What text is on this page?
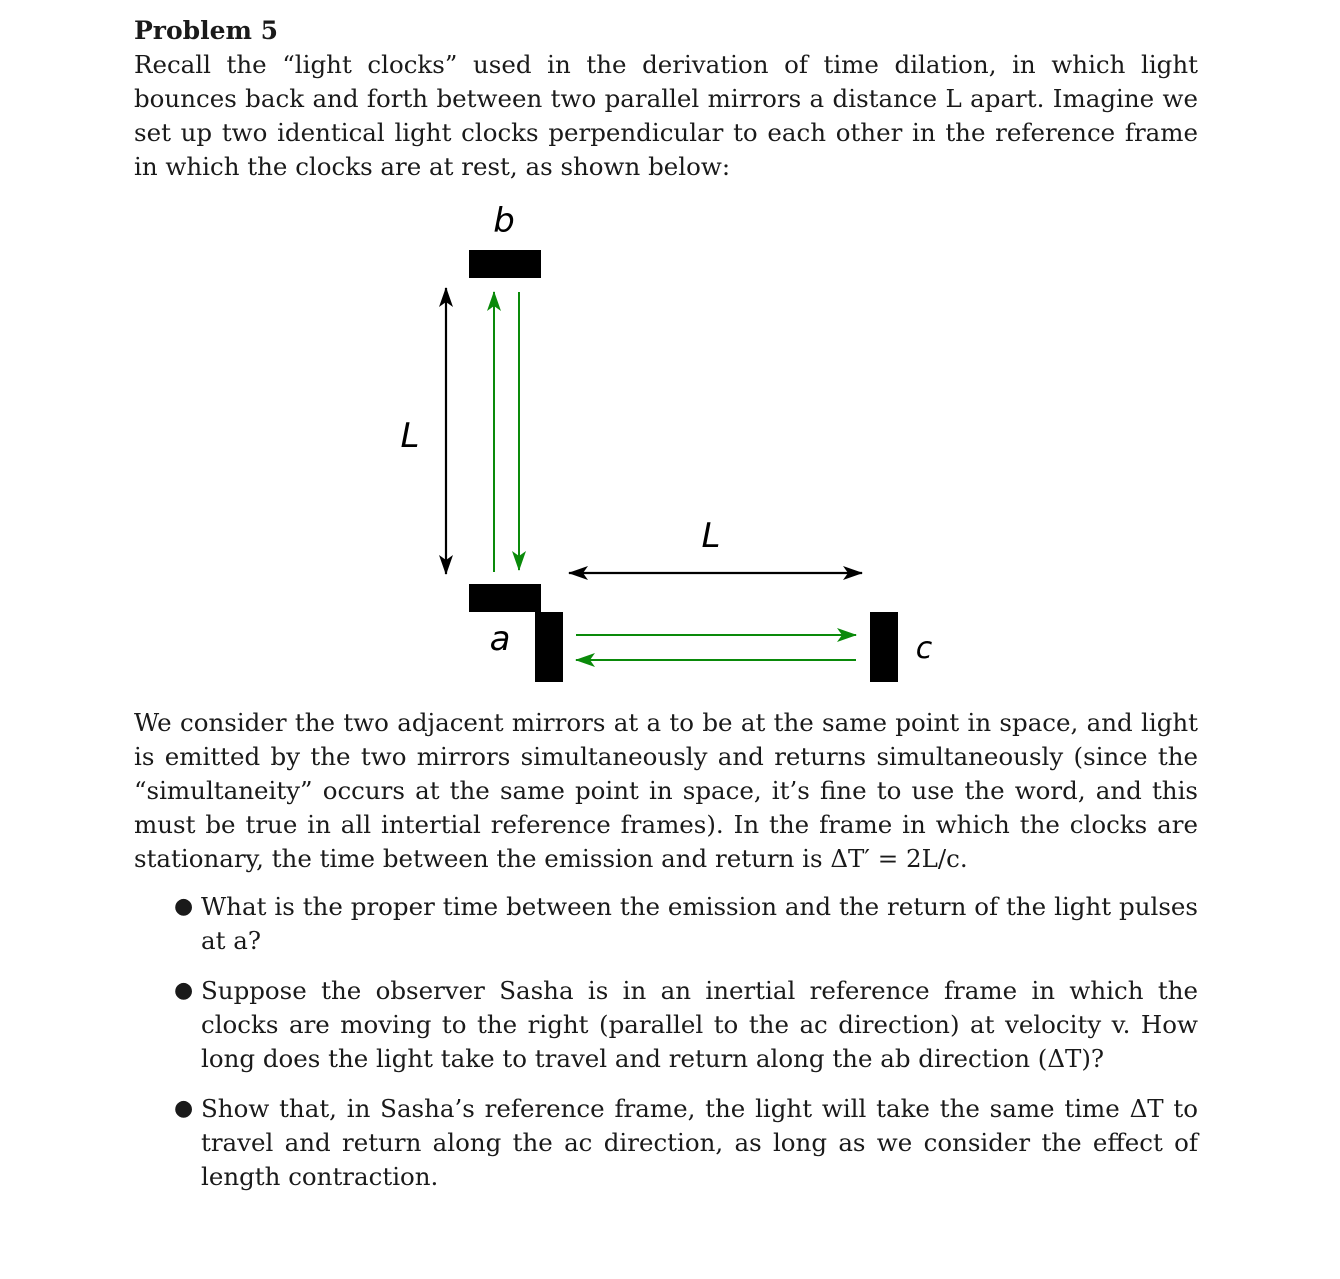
Problem 5

Recall the “light clocks” used in the derivation of time dilation, in which light bounces back and forth between two parallel mirrors a distance L apart. Imagine we set up two identical light clocks perpendicular to each other in the reference frame in which the clocks are at rest, as shown below:

b
L
a
L
c

We consider the two adjacent mirrors at a to be at the same point in space, and light is emitted by the two mirrors simultaneously and returns simultaneously (since the “simultaneity” occurs at the same point in space, it’s fine to use the word, and this must be true in all intertial reference frames). In the frame in which the clocks are stationary, the time between the emission and return is ΔT′ = 2L/c.

● What is the proper time between the emission and the return of the light pulses at a?
● Suppose the observer Sasha is in an inertial reference frame in which the clocks are moving to the right (parallel to the ac direction) at velocity v. How long does the light take to travel and return along the ab direction (ΔT)?
● Show that, in Sasha’s reference frame, the light will take the same time ΔT to travel and return along the ac direction, as long as we consider the effect of length contraction.
